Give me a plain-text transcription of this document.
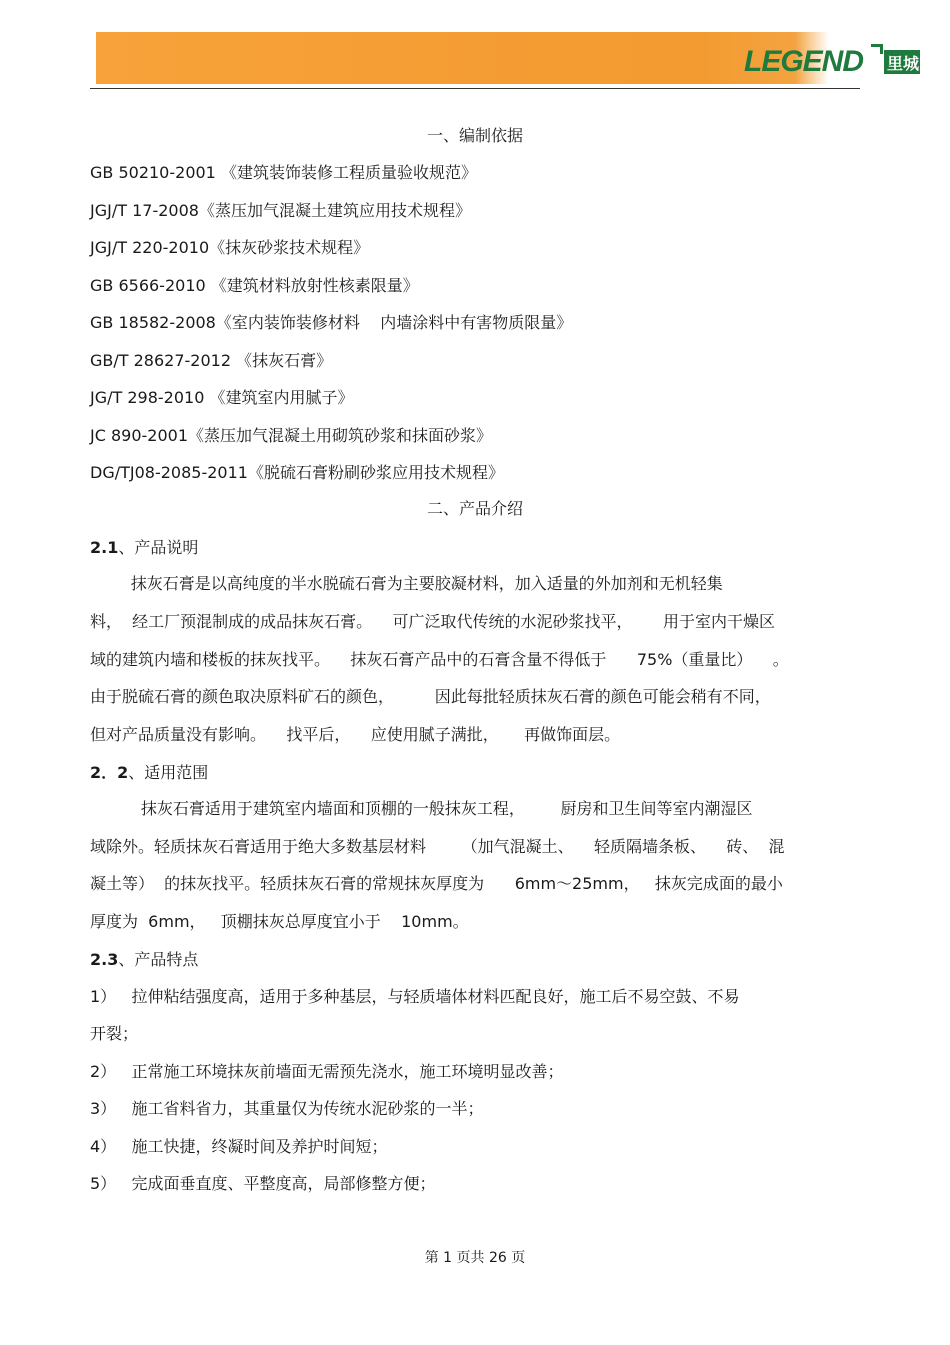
LEGEND 里城
一、编制依据
GB 50210-2001 《建筑装饰装修工程质量验收规范》
JGJ/T 17-2008《蒸压加气混凝土建筑应用技术规程》
JGJ/T 220-2010《抹灰砂浆技术规程》
GB 6566-2010 《建筑材料放射性核素限量》
GB 18582-2008《室内装饰装修材料    内墙涂料中有害物质限量》
GB/T 28627-2012 《抹灰石膏》
JG/T 298-2010 《建筑室内用腻子》
JC 890-2001《蒸压加气混凝土用砌筑砂浆和抹面砂浆》
DG/TJ08-2085-2011《脱硫石膏粉刷砂浆应用技术规程》
二、产品介绍
2.1、产品说明
抹灰石膏是以高纯度的半水脱硫石膏为主要胶凝材料，加入适量的外加剂和无机轻集
料，  经工厂预混制成的成品抹灰石膏。    可广泛取代传统的水泥砂浆找平，      用于室内干燥区
域的建筑内墙和楼板的抹灰找平。    抹灰石膏产品中的石膏含量不得低于      75%（重量比）    。
由于脱硫石膏的颜色取决原料矿石的颜色，        因此每批轻质抹灰石膏的颜色可能会稍有不同，
但对产品质量没有影响。    找平后，    应使用腻子满批，     再做饰面层。
2．2、适用范围
抹灰石膏适用于建筑室内墙面和顶棚的一般抹灰工程，       厨房和卫生间等室内潮湿区
域除外。轻质抹灰石膏适用于绝大多数基层材料       （加气混凝土、    轻质隔墙条板、    砖、  混
凝土等）  的抹灰找平。轻质抹灰石膏的常规抹灰厚度为      6mm～25mm，   抹灰完成面的最小
厚度为  6mm，   顶棚抹灰总厚度宜小于    10mm。
2.3、产品特点
1）   拉伸粘结强度高，适用于多种基层，与轻质墙体材料匹配良好，施工后不易空鼓、不易
开裂；
2）   正常施工环境抹灰前墙面无需预先浇水，施工环境明显改善；
3）   施工省料省力，其重量仅为传统水泥砂浆的一半；
4）   施工快捷，终凝时间及养护时间短；
5）   完成面垂直度、平整度高，局部修整方便；
第 1 页共 26 页
